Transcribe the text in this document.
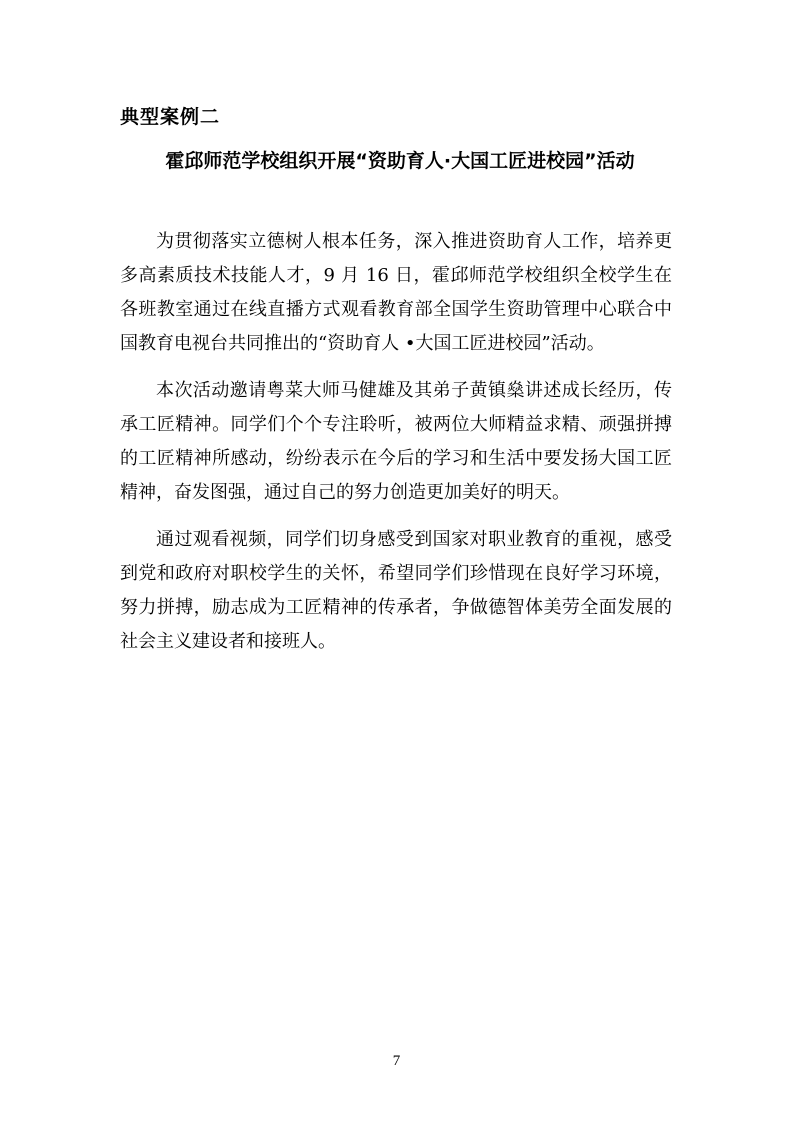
典型案例二
霍邱师范学校组织开展“资助育人·大国工匠进校园”活动

为贯彻落实立德树人根本任务，深入推进资助育人工作，培养更多高素质技术技能人才，9 月 16 日，霍邱师范学校组织全校学生在各班教室通过在线直播方式观看教育部全国学生资助管理中心联合中国教育电视台共同推出的“资助育人 •大国工匠进校园”活动。

本次活动邀请粤菜大师马健雄及其弟子黄镇燊讲述成长经历，传承工匠精神。同学们个个专注聆听，被两位大师精益求精、顽强拼搏的工匠精神所感动，纷纷表示在今后的学习和生活中要发扬大国工匠精神，奋发图强，通过自己的努力创造更加美好的明天。

通过观看视频，同学们切身感受到国家对职业教育的重视，感受到党和政府对职校学生的关怀，希望同学们珍惜现在良好学习环境，努力拼搏，励志成为工匠精神的传承者，争做德智体美劳全面发展的社会主义建设者和接班人。

7
